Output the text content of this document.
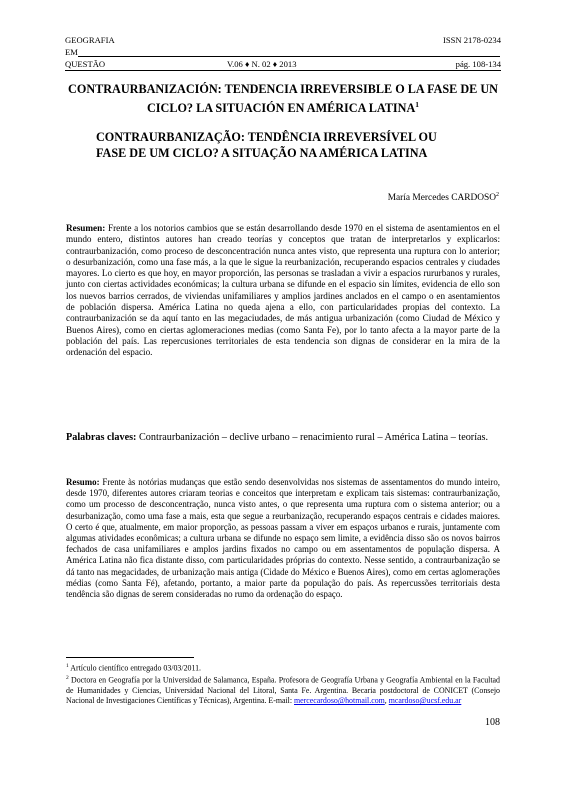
GEOGRAFIA	ISSN 2178-0234
EM
QUESTÃO	V.06 ♦ N. 02 ♦ 2013	pág. 108-134
CONTRAURBANIZACIÓN: TENDENCIA IRREVERSIBLE O LA FASE DE UN CICLO? LA SITUACIÓN EN AMÉRICA LATINA$^1$
CONTRAURBANIZAÇÃO: TENDÊNCIA IRREVERSÍVEL OU
FASE DE UM CICLO? A SITUAÇÃO NA AMÉRICA LATINA
María Mercedes CARDOSO$^2$
Resumen: Frente a los notorios cambios que se están desarrollando desde 1970 en el sistema de asentamientos en el mundo entero, distintos autores han creado teorías y conceptos que tratan de interpretarlos y explicarlos: contraurbanización, como proceso de desconcentración nunca antes visto, que representa una ruptura con lo anterior; o desurbanización, como una fase más, a la que le sigue la reurbanización, recuperando espacios centrales y ciudades mayores. Lo cierto es que hoy, en mayor proporción, las personas se trasladan a vivir a espacios rururbanos y rurales, junto con ciertas actividades económicas; la cultura urbana se difunde en el espacio sin límites, evidencia de ello son los nuevos barrios cerrados, de viviendas unifamiliares y amplios jardines anclados en el campo o en asentamientos de población dispersa. América Latina no queda ajena a ello, con particularidades propias del contexto. La contraurbanización se da aquí tanto en las megaciudades, de más antigua urbanización (como Ciudad de México y Buenos Aires), como en ciertas aglomeraciones medias (como Santa Fe), por lo tanto afecta a la mayor parte de la población del país. Las repercusiones territoriales de esta tendencia son dignas de considerar en la mira de la ordenación del espacio.
Palabras claves: Contraurbanización – declive urbano – renacimiento rural – América Latina – teorías.
Resumo: Frente às notórias mudanças que estão sendo desenvolvidas nos sistemas de assentamentos do mundo inteiro, desde 1970, diferentes autores criaram teorias e conceitos que interpretam e explicam tais sistemas: contraurbanização, como um processo de desconcentração, nunca visto antes, o que representa uma ruptura com o sistema anterior; ou a desurbanização, como uma fase a mais, esta que segue a reurbanização, recuperando espaços centrais e cidades maiores. O certo é que, atualmente, em maior proporção, as pessoas passam a viver em espaços urbanos e rurais, juntamente com algumas atividades econômicas; a cultura urbana se difunde no espaço sem limite, a evidência disso são os novos bairros fechados de casa unifamiliares e amplos jardins fixados no campo ou em assentamentos de população dispersa. A América Latina não fica distante disso, com particularidades próprias do contexto. Nesse sentido, a contraurbanização se dá tanto nas megacidades, de urbanização mais antiga (Cidade do México e Buenos Aires), como em certas aglomerações médias (como Santa Fé), afetando, portanto, a maior parte da população do país. As repercussões territoriais desta tendência são dignas de serem consideradas no rumo da ordenação do espaço.
$^1$ Artículo científico entregado 03/03/2011.
$^2$ Doctora en Geografía por la Universidad de Salamanca, España. Profesora de Geografía Urbana y Geografía Ambiental en la Facultad de Humanidades y Ciencias, Universidad Nacional del Litoral, Santa Fe. Argentina. Becaria postdoctoral de CONICET (Consejo Nacional de Investigaciones Científicas y Técnicas), Argentina. E-mail: mercecardoso@hotmail.com, mcardoso@ucsf.edu.ar
108
